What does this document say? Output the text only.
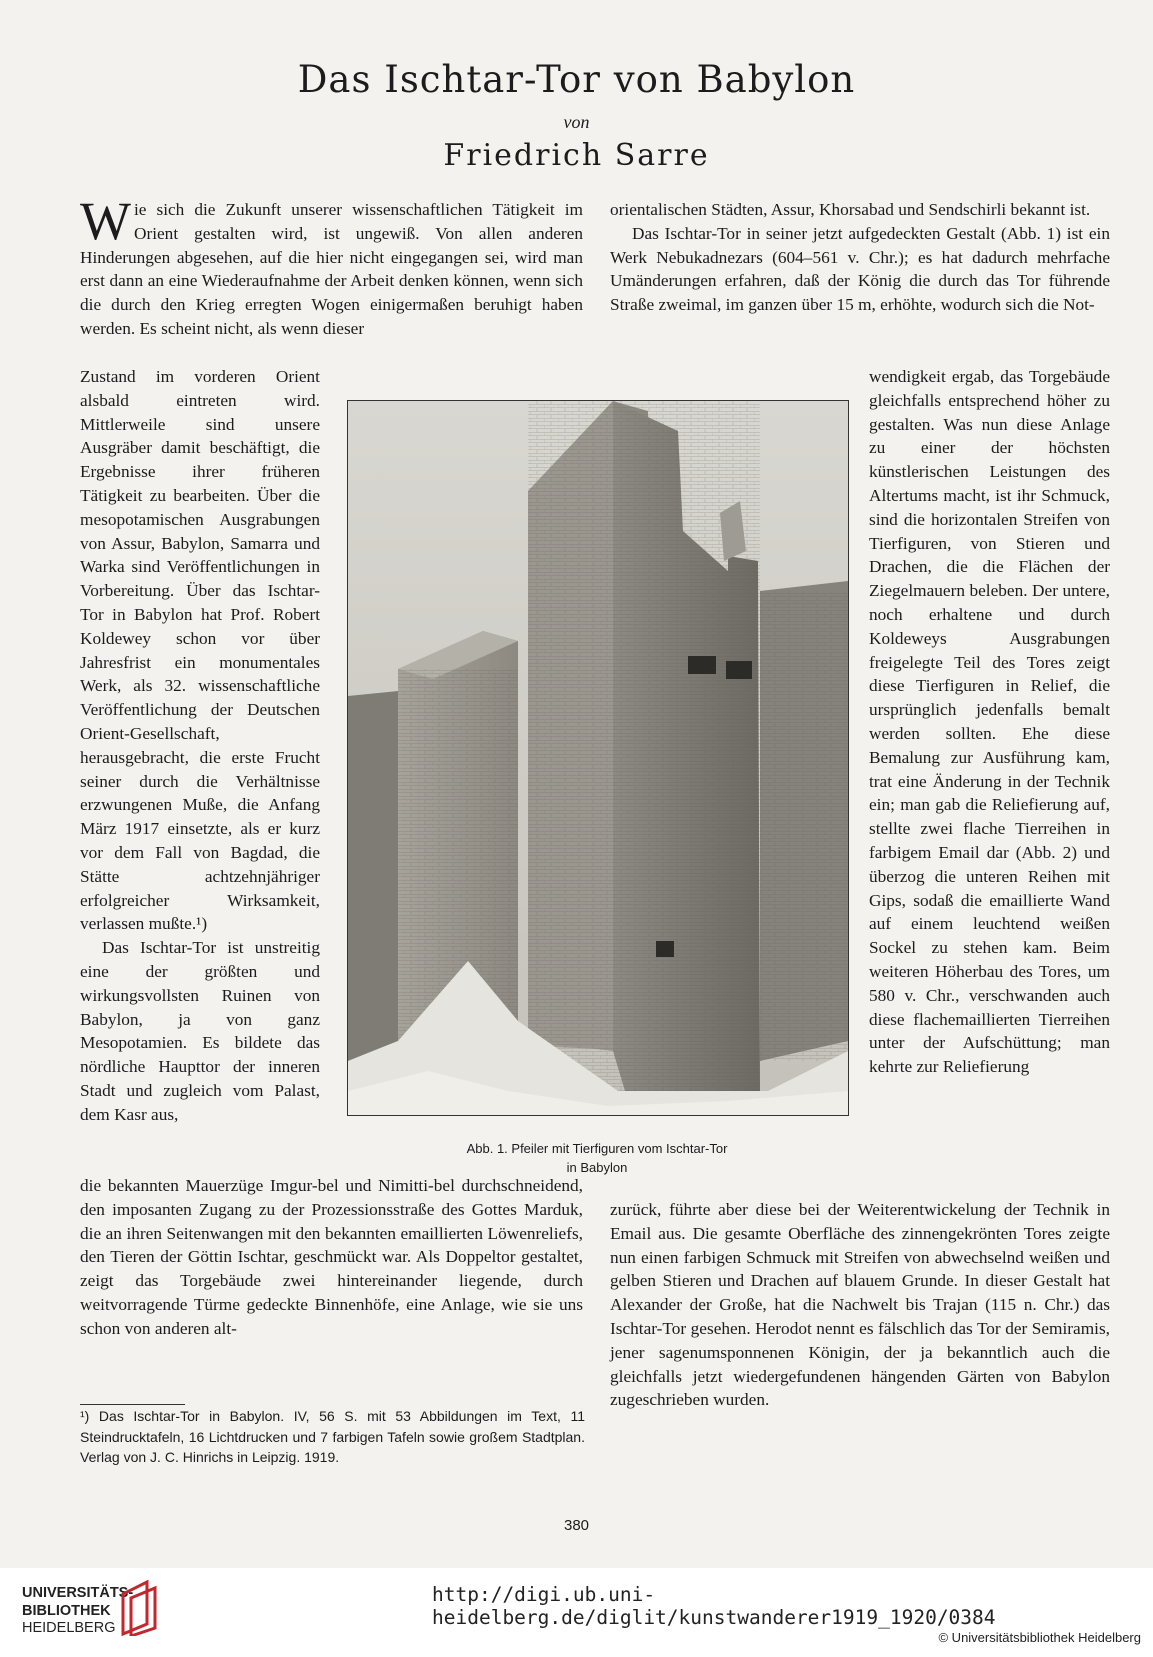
Das Ischtar-Tor von Babylon
von
Friedrich Sarre

Wie sich die Zukunft unserer wissenschaftlichen Tätigkeit im Orient gestalten wird, ist ungewiß. Von allen anderen Hinderungen abgesehen, auf die hier nicht eingegangen sei, wird man erst dann an eine Wiederaufnahme der Arbeit denken können, wenn sich die durch den Krieg erregten Wogen einigermaßen beruhigt haben werden. Es scheint nicht, als wenn dieser

Zustand im vorderen Orient alsbald eintreten wird. Mittlerweile sind unsere Ausgräber damit beschäftigt, die Ergebnisse ihrer früheren Tätigkeit zu bearbeiten. Über die mesopotamischen Ausgrabungen von Assur, Babylon, Samarra und Warka sind Veröffentlichungen in Vorbereitung. Über das Ischtar-Tor in Babylon hat Prof. Robert Koldewey schon vor über Jahresfrist ein monumentales Werk, als 32. wissenschaftliche Veröffentlichung der Deutschen Orient-Gesellschaft, herausgebracht, die erste Frucht seiner durch die Verhältnisse erzwungenen Muße, die Anfang März 1917 einsetzte, als er kurz vor dem Fall von Bagdad, die Stätte achtzehnjähriger erfolgreicher Wirksamkeit, verlassen mußte.¹)

Das Ischtar-Tor ist unstreitig eine der größten und wirkungsvollsten Ruinen von Babylon, ja von ganz Mesopotamien. Es bildete das nördliche Haupttor der inneren Stadt und zugleich vom Palast, dem Kasr aus,

die bekannten Mauerzüge Imgur-bel und Nimitti-bel durchschneidend, den imposanten Zugang zu der Prozessionsstraße des Gottes Marduk, die an ihren Seitenwangen mit den bekannten emaillierten Löwenreliefs, den Tieren der Göttin Ischtar, geschmückt war. Als Doppeltor gestaltet, zeigt das Torgebäude zwei hintereinander liegende, durch weitvorragende Türme gedeckte Binnenhöfe, eine Anlage, wie sie uns schon von anderen alt-

orientalischen Städten, Assur, Khorsabad und Sendschirli bekannt ist.

Das Ischtar-Tor in seiner jetzt aufgedeckten Gestalt (Abb. 1) ist ein Werk Nebukadnezars (604–561 v. Chr.); es hat dadurch mehrfache Umänderungen erfahren, daß der König die durch das Tor führende Straße zweimal, im ganzen über 15 m, erhöhte, wodurch sich die Not-

wendigkeit ergab, das Torgebäude gleichfalls entsprechend höher zu gestalten. Was nun diese Anlage zu einer der höchsten künstlerischen Leistungen des Altertums macht, ist ihr Schmuck, sind die horizontalen Streifen von Tierfiguren, von Stieren und Drachen, die die Flächen der Ziegelmauern beleben. Der untere, noch erhaltene und durch Koldeweys Ausgrabungen freigelegte Teil des Tores zeigt diese Tierfiguren in Relief, die ursprünglich jedenfalls bemalt werden sollten. Ehe diese Bemalung zur Ausführung kam, trat eine Änderung in der Technik ein; man gab die Reliefierung auf, stellte zwei flache Tierreihen in farbigem Email dar (Abb. 2) und überzog die unteren Reihen mit Gips, sodaß die emaillierte Wand auf einem leuchtend weißen Sockel zu stehen kam. Beim weiteren Höherbau des Tores, um 580 v. Chr., verschwanden auch diese flachemaillierten Tierreihen unter der Aufschüttung; man kehrte zur Reliefierung

zurück, führte aber diese bei der Weiterentwickelung der Technik in Email aus. Die gesamte Oberfläche des zinnengekrönten Tores zeigte nun einen farbigen Schmuck mit Streifen von abwechselnd weißen und gelben Stieren und Drachen auf blauem Grunde. In dieser Gestalt hat Alexander der Große, hat die Nachwelt bis Trajan (115 n. Chr.) das Ischtar-Tor gesehen. Herodot nennt es fälschlich das Tor der Semiramis, jener sagenumsponnenen Königin, der ja bekanntlich auch die gleichfalls jetzt wiedergefundenen hängenden Gärten von Babylon zugeschrieben wurden.

Abb. 1. Pfeiler mit Tierfiguren vom Ischtar-Tor
in Babylon
¹) Das Ischtar-Tor in Babylon. IV, 56 S. mit 53 Abbildungen im Text, 11 Steindrucktafeln, 16 Lichtdrucken und 7 farbigen Tafeln sowie großem Stadtplan. Verlag von J. C. Hinrichs in Leipzig. 1919.
380
UNIVERSITÄTS-
BIBLIOTHEK
HEIDELBERG
http://digi.ub.uni-heidelberg.de/diglit/kunstwanderer1919_1920/0384
© Universitätsbibliothek Heidelberg
